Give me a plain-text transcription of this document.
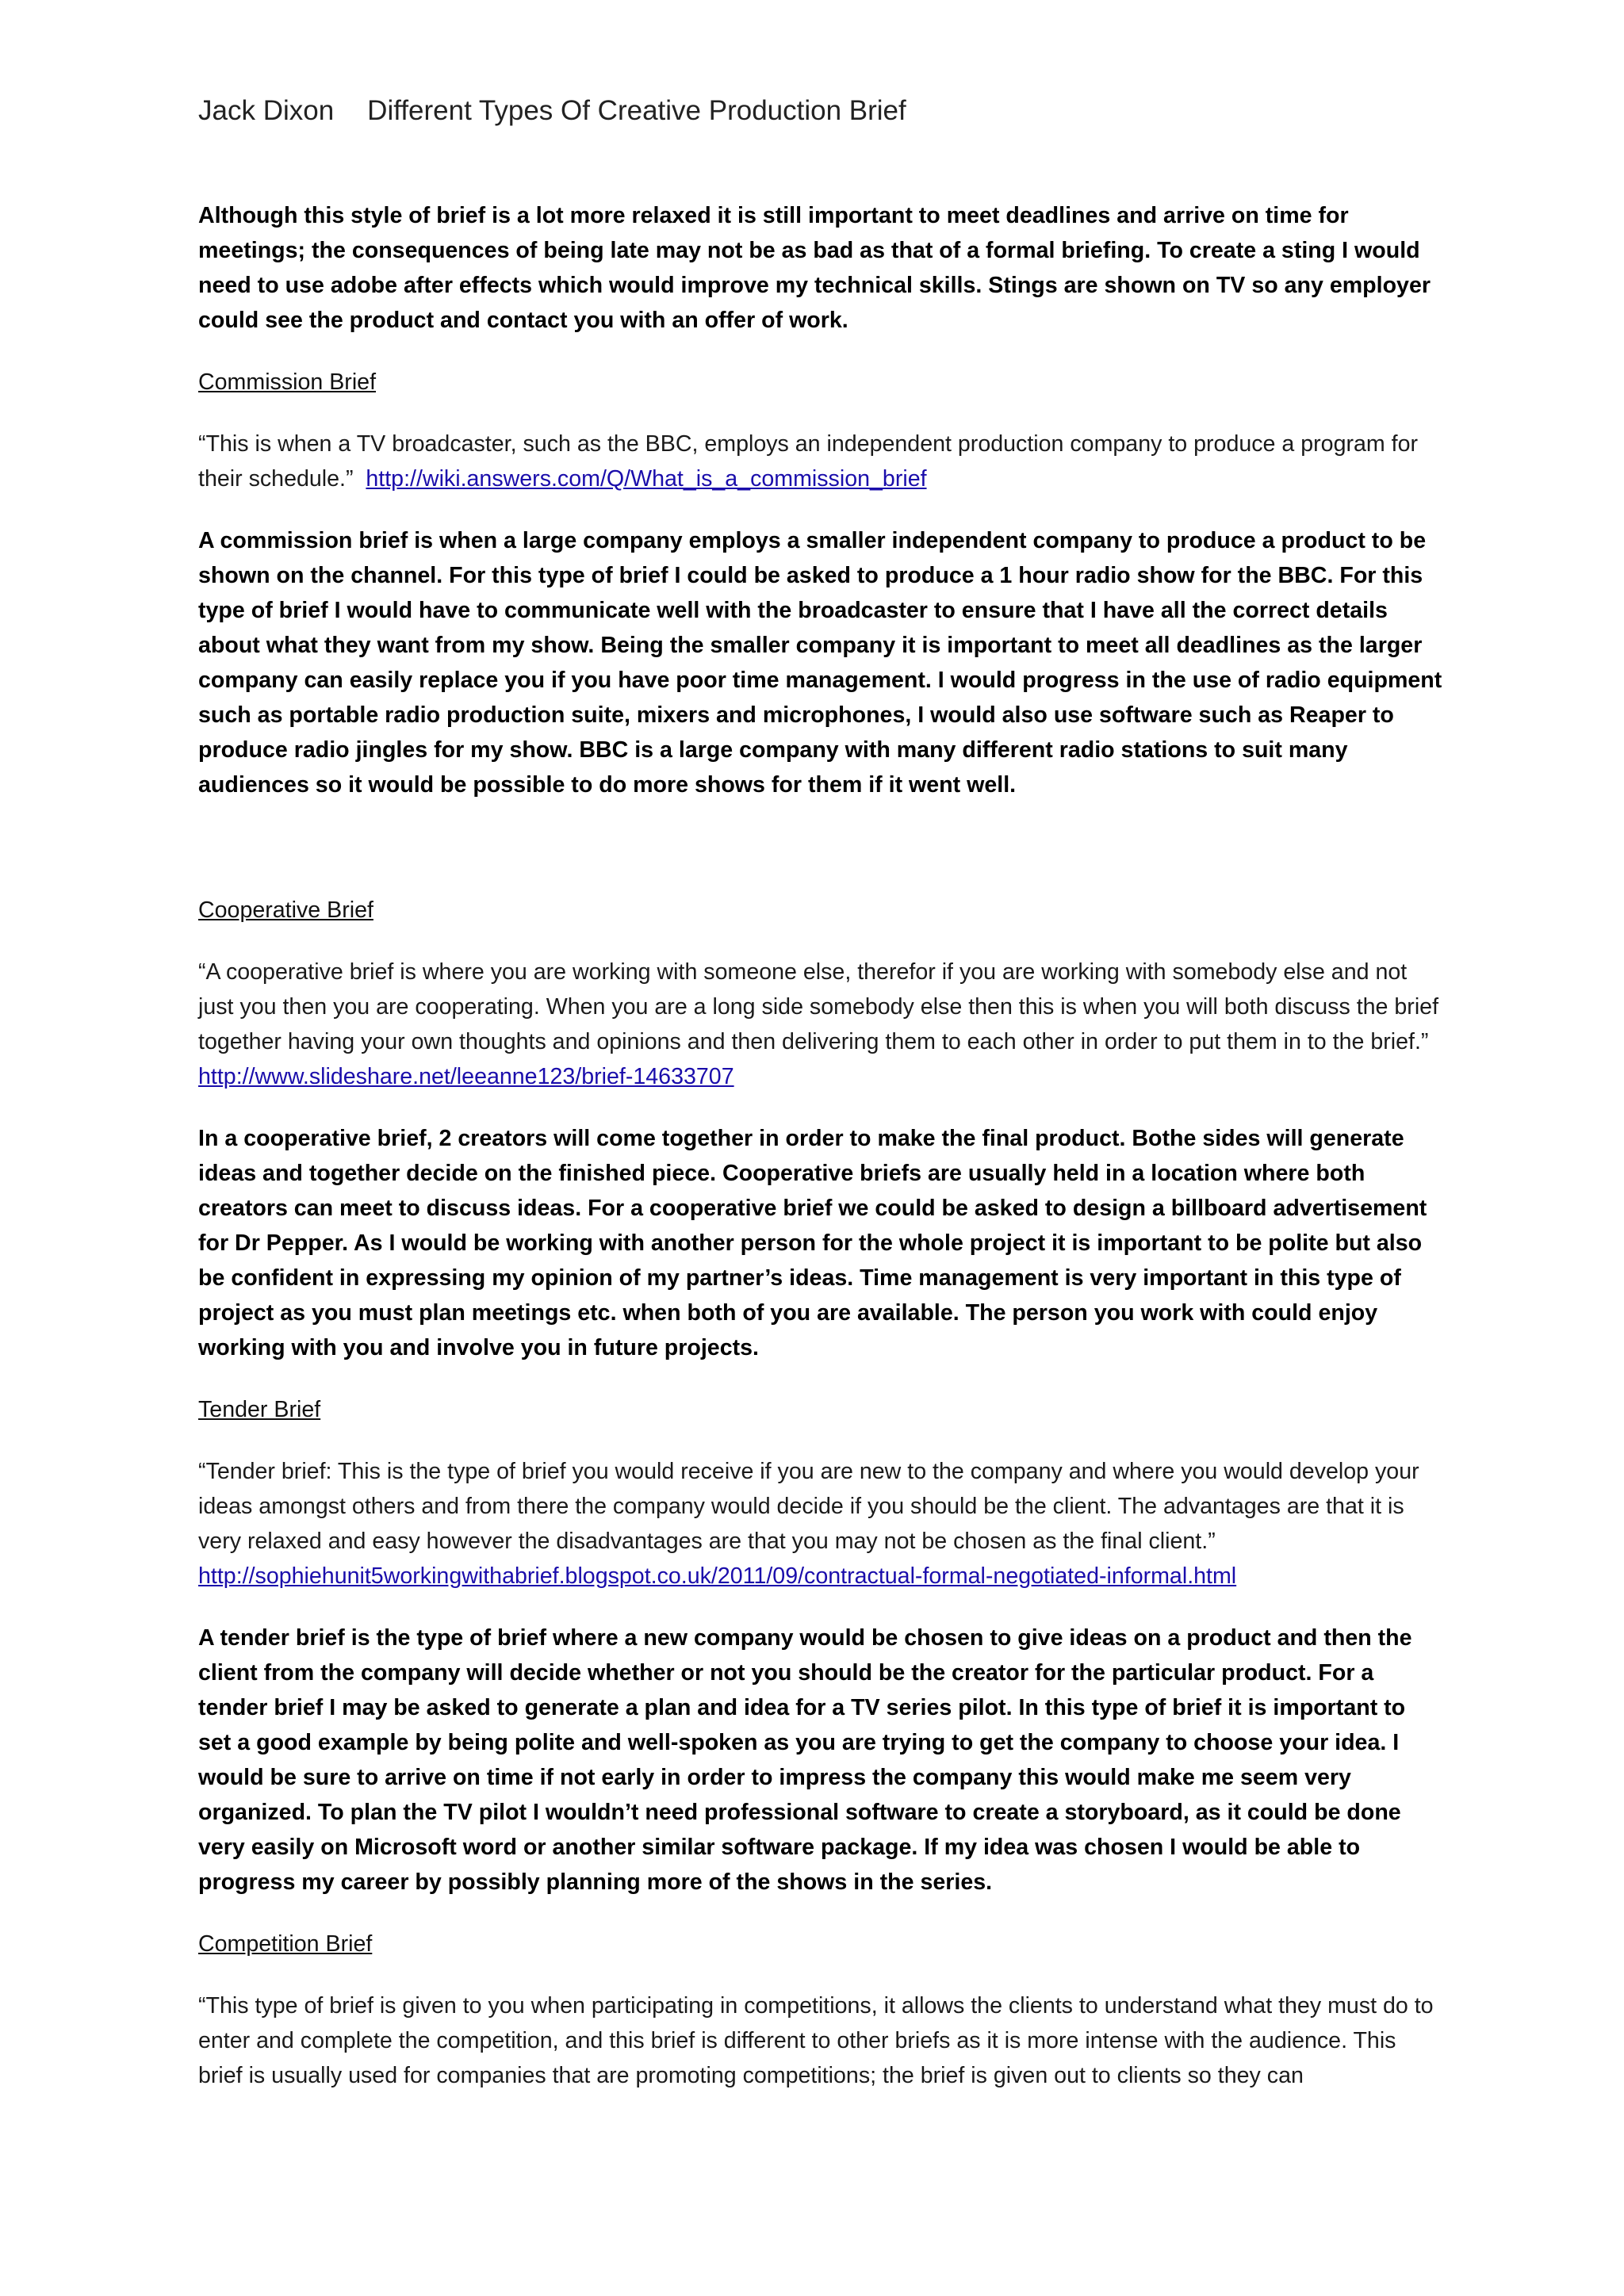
Jack Dixon Different Types Of Creative Production Brief

Although this style of brief is a lot more relaxed it is still important to meet deadlines and arrive on time for meetings; the consequences of being late may not be as bad as that of a formal briefing. To create a sting I would need to use adobe after effects which would improve my technical skills. Stings are shown on TV so any employer could see the product and contact you with an offer of work.

Commission Brief

“This is when a TV broadcaster, such as the BBC, employs an independent production company to produce a program for their schedule.” http://wiki.answers.com/Q/What_is_a_commission_brief

A commission brief is when a large company employs a smaller independent company to produce a product to be shown on the channel. For this type of brief I could be asked to produce a 1 hour radio show for the BBC. For this type of brief I would have to communicate well with the broadcaster to ensure that I have all the correct details about what they want from my show. Being the smaller company it is important to meet all deadlines as the larger company can easily replace you if you have poor time management. I would progress in the use of radio equipment such as portable radio production suite, mixers and microphones, I would also use software such as Reaper to produce radio jingles for my show. BBC is a large company with many different radio stations to suit many audiences so it would be possible to do more shows for them if it went well.

Cooperative Brief

“A cooperative brief is where you are working with someone else, therefor if you are working with somebody else and not just you then you are cooperating. When you are a long side somebody else then this is when you will both discuss the brief together having your own thoughts and opinions and then delivering them to each other in order to put them in to the brief.”  http://www.slideshare.net/leeanne123/brief-14633707

In a cooperative brief, 2 creators will come together in order to make the final product. Bothe sides will generate ideas and together decide on the finished piece. Cooperative briefs are usually held in a location where both creators can meet to discuss ideas. For a cooperative brief we could be asked to design a billboard advertisement for Dr Pepper. As I would be working with another person for the whole project it is important to be polite but also be confident in expressing my opinion of my partner’s ideas. Time management is very important in this type of project as you must plan meetings etc. when both of you are available. The person you work with could enjoy working with you and involve you in future projects.

Tender Brief

“Tender brief: This is the type of brief you would receive if you are new to the company and where you would develop your ideas amongst others and from there the company would decide if you should be the client. The advantages are that it is very relaxed and easy however the disadvantages are that you may not be chosen as the final client.” http://sophiehunit5workingwithabrief.blogspot.co.uk/2011/09/contractual-formal-negotiated-informal.html

A tender brief is the type of brief where a new company would be chosen to give ideas on a product and then the client from the company will decide whether or not you should be the creator for the particular product. For a tender brief I may be asked to generate a plan and idea for a TV series pilot. In this type of brief it is important to set a good example by being polite and well-spoken as you are trying to get the company to choose your idea. I would be sure to arrive on time if not early in order to impress the company this would make me seem very organized. To plan the TV pilot I wouldn’t need professional software to create a storyboard, as it could be done very easily on Microsoft word or another similar software package. If my idea was chosen I would be able to progress my career by possibly planning more of the shows in the series.

Competition Brief

“This type of brief is given to you when participating in competitions, it allows the clients to understand what they must do to enter and complete the competition, and this brief is different to other briefs as it is more intense with the audience. This brief is usually used for companies that are promoting competitions; the brief is given out to clients so they can
